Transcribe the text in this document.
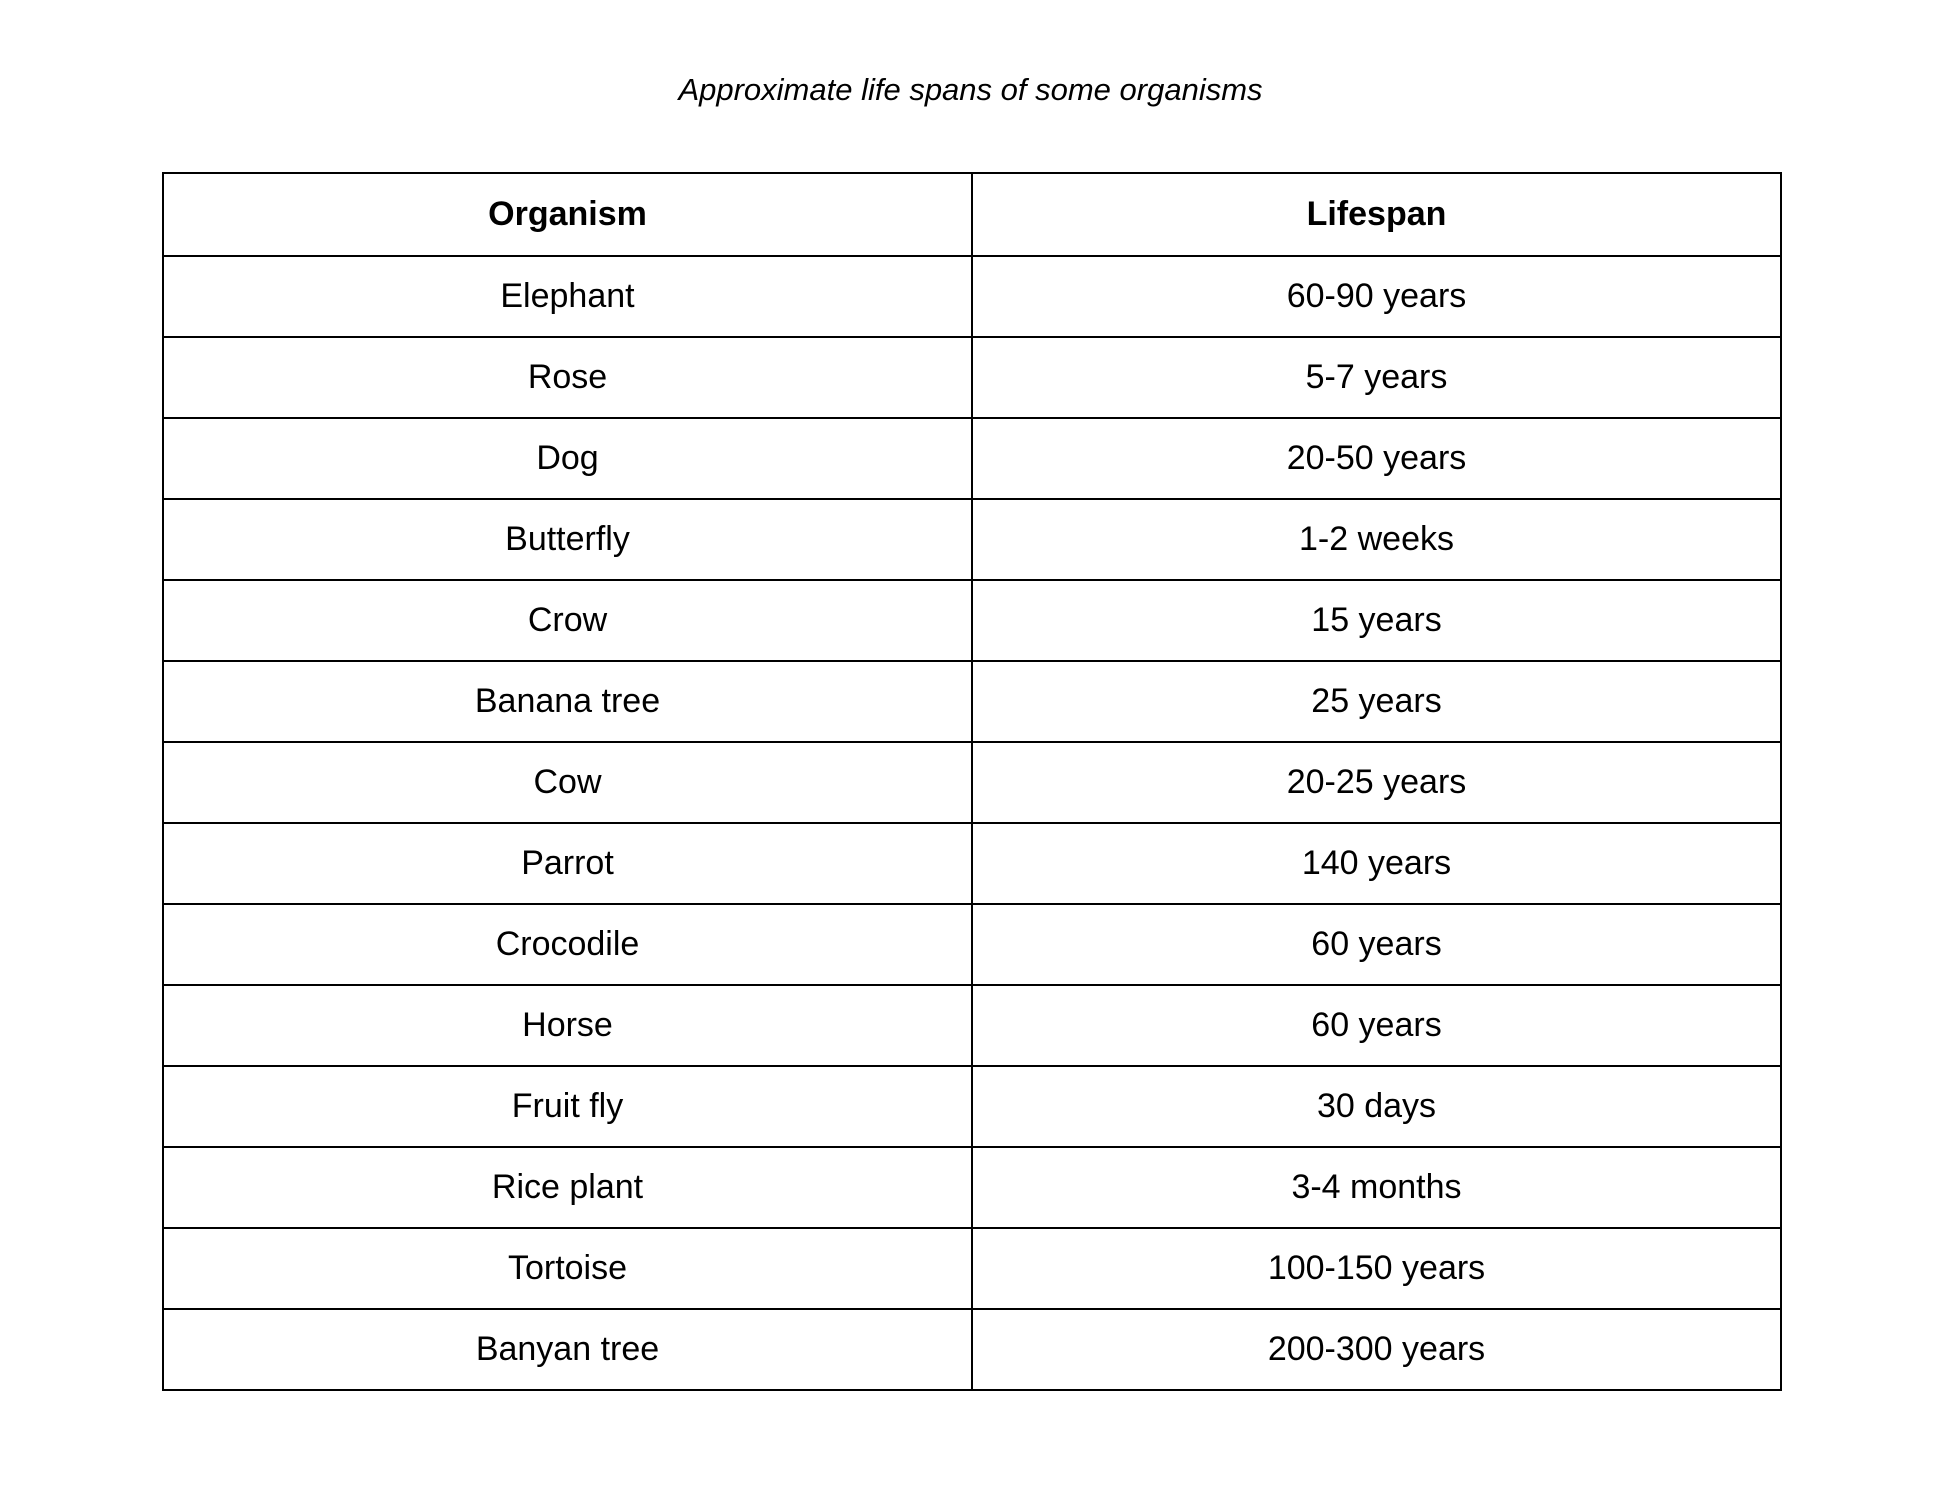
Approximate life spans of some organisms
Organism	Lifespan
Elephant	60-90 years
Rose	5-7 years
Dog	20-50 years
Butterfly	1-2 weeks
Crow	15 years
Banana tree	25 years
Cow	20-25 years
Parrot	140 years
Crocodile	60 years
Horse	60 years
Fruit fly	30 days
Rice plant	3-4 months
Tortoise	100-150 years
Banyan tree	200-300 years
